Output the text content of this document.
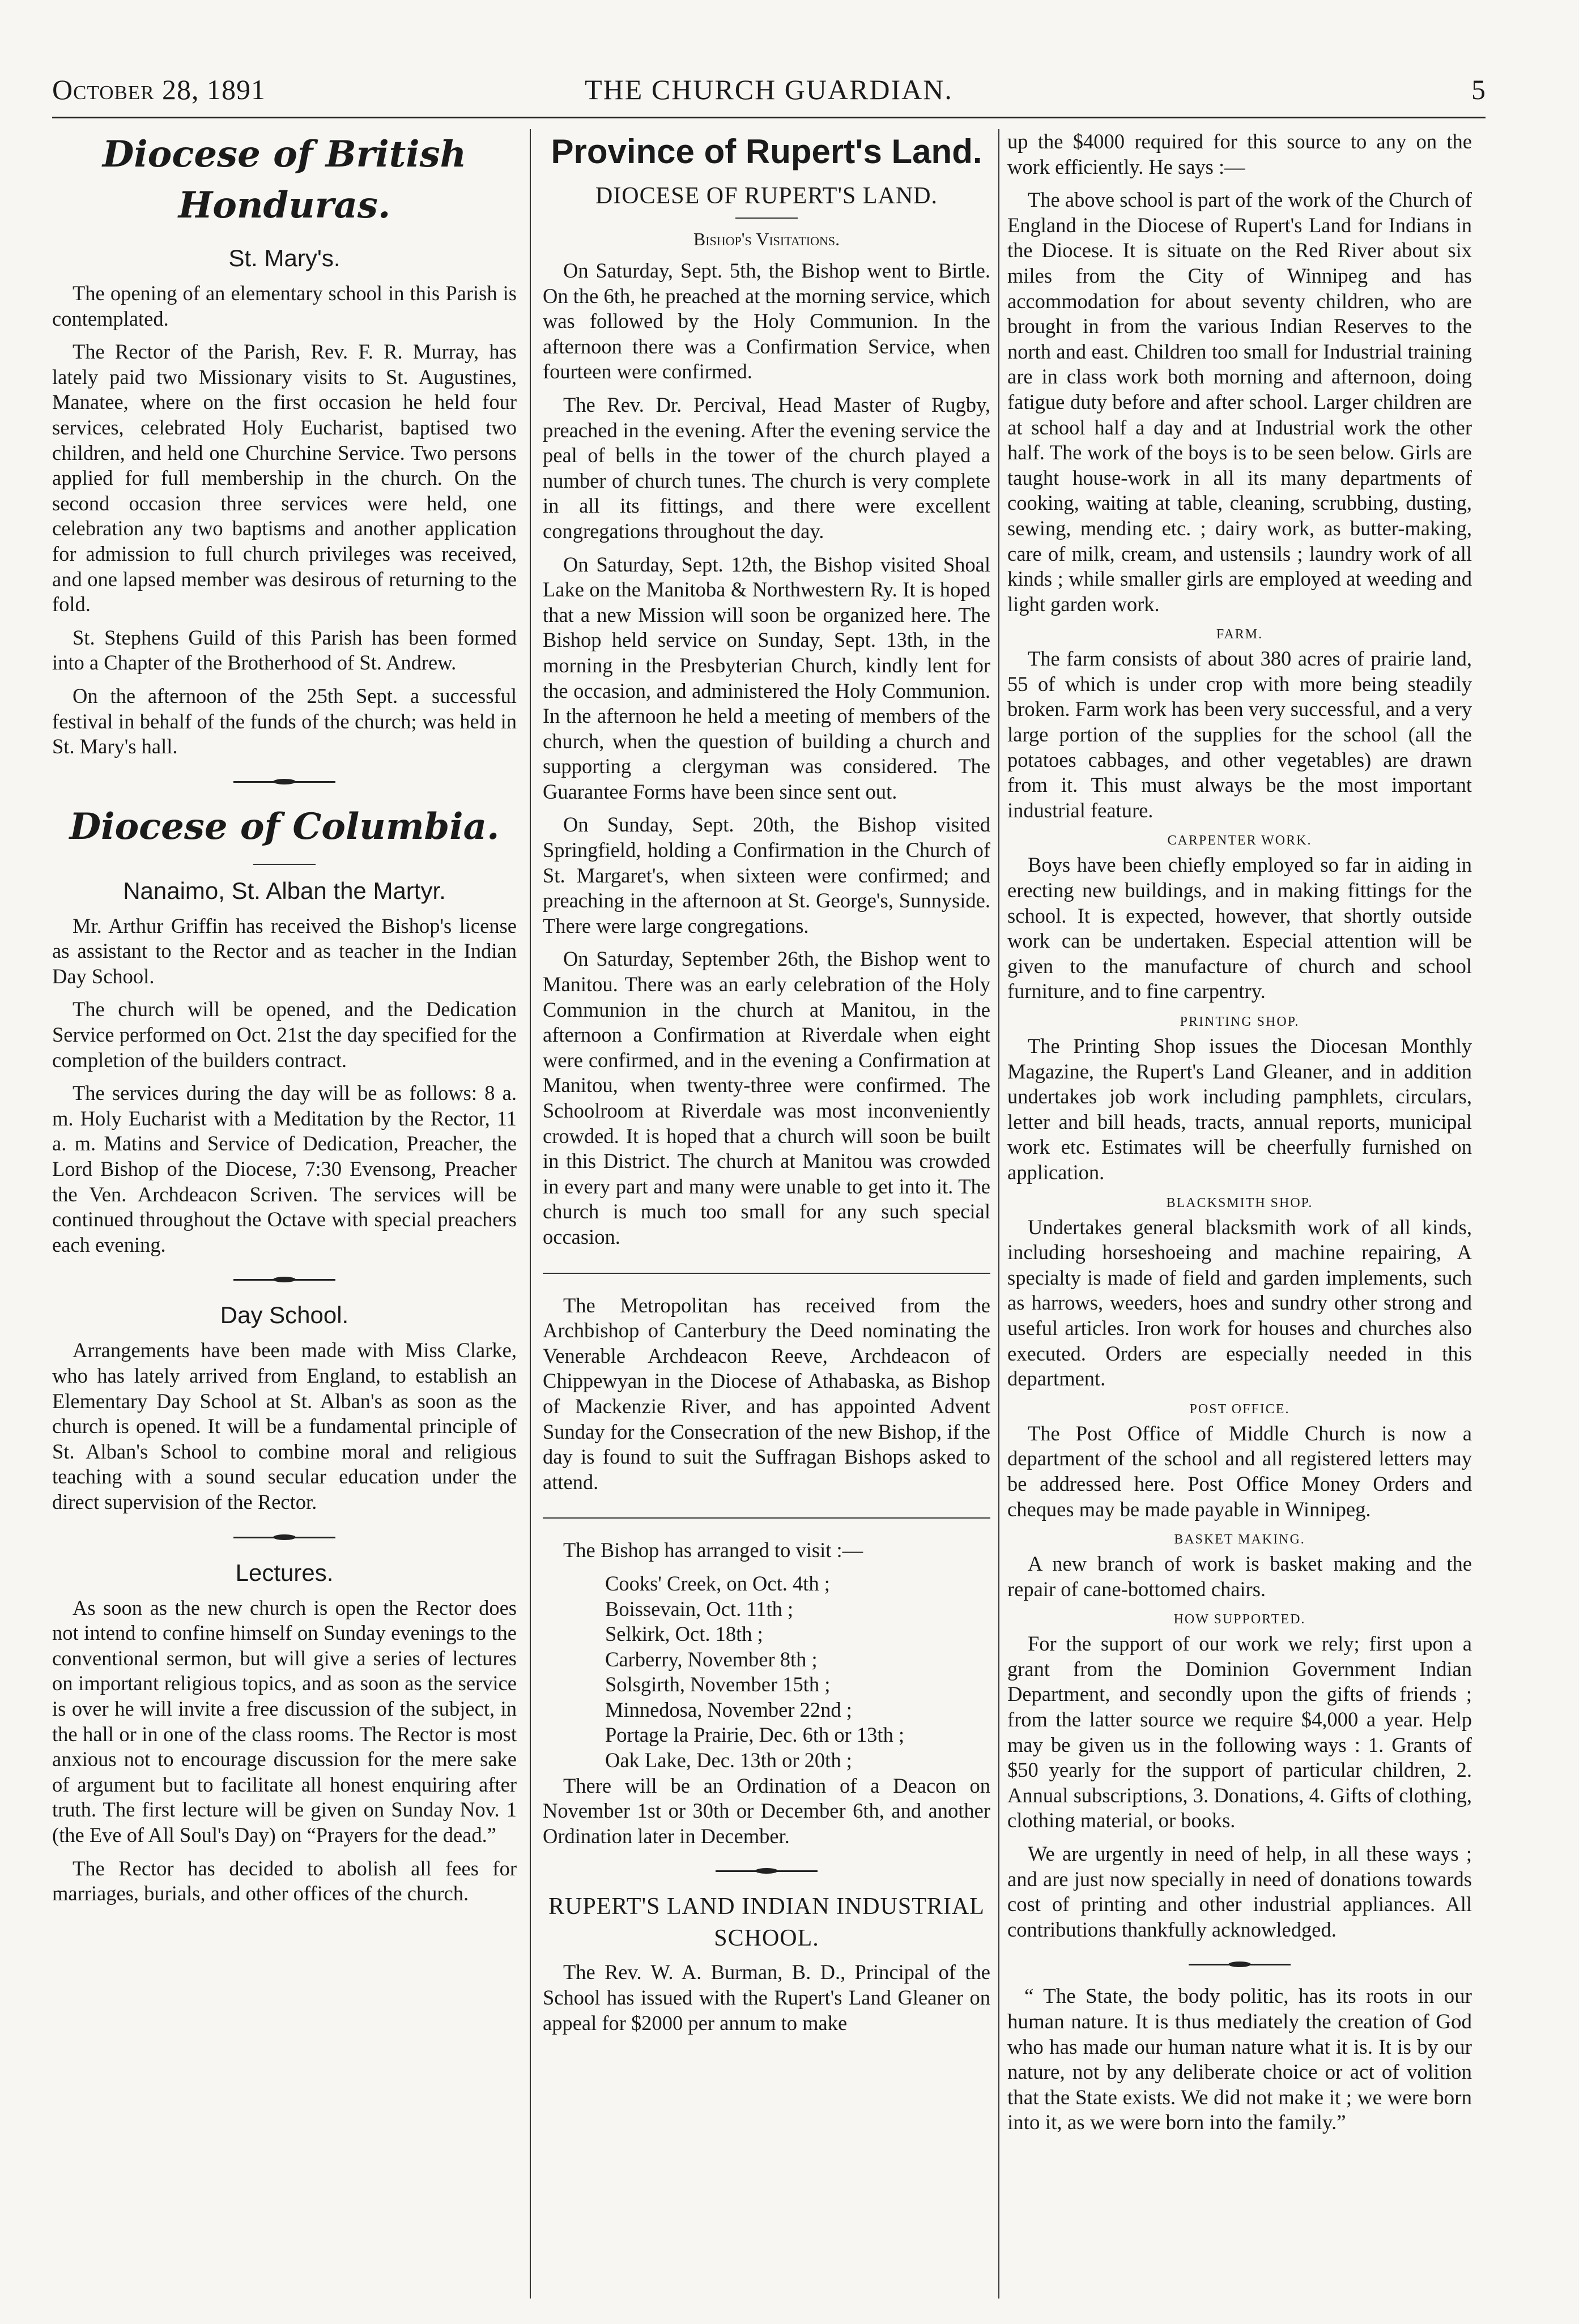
October 28, 1891	THE CHURCH GUARDIAN.	5
Diocese of British Honduras.
St. Mary's.

The opening of an elementary school in this Parish is contemplated.

The Rector of the Parish, Rev. F. R. Murray, has lately paid two Missionary visits to St. Augustines, Manatee, where on the first occasion he held four services, celebrated Holy Eucharist, baptised two children, and held one Churchine Service. Two persons applied for full membership in the church. On the second occasion three services were held, one celebration any two baptisms and another application for admission to full church privileges was received, and one lapsed member was desirous of returning to the fold.

St. Stephens Guild of this Parish has been formed into a Chapter of the Brotherhood of St. Andrew.

On the afternoon of the 25th Sept. a successful festival in behalf of the funds of the church; was held in St. Mary's hall.

Diocese of Columbia.
Nanaimo, St. Alban the Martyr.

Mr. Arthur Griffin has received the Bishop's license as assistant to the Rector and as teacher in the Indian Day School.

The church will be opened, and the Dedication Service performed on Oct. 21st the day specified for the completion of the builders contract.

The services during the day will be as follows: 8 a. m. Holy Eucharist with a Meditation by the Rector, 11 a. m. Matins and Service of Dedication, Preacher, the Lord Bishop of the Diocese, 7:30 Evensong, Preacher the Ven. Archdeacon Scriven. The services will be continued throughout the Octave with special preachers each evening.

Day School.

Arrangements have been made with Miss Clarke, who has lately arrived from England, to establish an Elementary Day School at St. Alban's as soon as the church is opened. It will be a fundamental principle of St. Alban's School to combine moral and religious teaching with a sound secular education under the direct supervision of the Rector.

Lectures.

As soon as the new church is open the Rector does not intend to confine himself on Sunday evenings to the conventional sermon, but will give a series of lectures on important religious topics, and as soon as the service is over he will invite a free discussion of the subject, in the hall or in one of the class rooms. The Rector is most anxious not to encourage discussion for the mere sake of argument but to facilitate all honest enquiring after truth. The first lecture will be given on Sunday Nov. 1 (the Eve of All Soul's Day) on “Prayers for the dead.”

The Rector has decided to abolish all fees for marriages, burials, and other offices of the church.

Province of Rupert's Land.
DIOCESE OF RUPERT'S LAND.
Bishop's Visitations.

On Saturday, Sept. 5th, the Bishop went to Birtle. On the 6th, he preached at the morning service, which was followed by the Holy Communion. In the afternoon there was a Confirmation Service, when fourteen were confirmed.

The Rev. Dr. Percival, Head Master of Rugby, preached in the evening. After the evening service the peal of bells in the tower of the church played a number of church tunes. The church is very complete in all its fittings, and there were excellent congregations throughout the day.

On Saturday, Sept. 12th, the Bishop visited Shoal Lake on the Manitoba & Northwestern Ry. It is hoped that a new Mission will soon be organized here. The Bishop held service on Sunday, Sept. 13th, in the morning in the Presbyterian Church, kindly lent for the occasion, and administered the Holy Communion. In the afternoon he held a meeting of members of the church, when the question of building a church and supporting a clergyman was considered. The Guarantee Forms have been since sent out.

On Sunday, Sept. 20th, the Bishop visited Springfield, holding a Confirmation in the Church of St. Margaret's, when sixteen were confirmed; and preaching in the afternoon at St. George's, Sunnyside. There were large congregations.

On Saturday, September 26th, the Bishop went to Manitou. There was an early celebration of the Holy Communion in the church at Manitou, in the afternoon a Confirmation at Riverdale when eight were confirmed, and in the evening a Confirmation at Manitou, when twenty-three were confirmed. The Schoolroom at Riverdale was most inconveniently crowded. It is hoped that a church will soon be built in this District. The church at Manitou was crowded in every part and many were unable to get into it. The church is much too small for any such special occasion.

The Metropolitan has received from the Archbishop of Canterbury the Deed nominating the Venerable Archdeacon Reeve, Archdeacon of Chippewyan in the Diocese of Athabaska, as Bishop of Mackenzie River, and has appointed Advent Sunday for the Consecration of the new Bishop, if the day is found to suit the Suffragan Bishops asked to attend.

The Bishop has arranged to visit :—

Cooks' Creek, on Oct. 4th ;
Boissevain, Oct. 11th ;
Selkirk, Oct. 18th ;
Carberry, November 8th ;
Solsgirth, November 15th ;
Minnedosa, November 22nd ;
Portage la Prairie, Dec. 6th or 13th ;
Oak Lake, Dec. 13th or 20th ;

There will be an Ordination of a Deacon on November 1st or 30th or December 6th, and another Ordination later in December.

RUPERT'S LAND INDIAN INDUSTRIAL SCHOOL.

The Rev. W. A. Burman, B. D., Principal of the School has issued with the Rupert's Land Gleaner on appeal for $2000 per annum to make

up the $4000 required for this source to any on the work efficiently. He says :—

The above school is part of the work of the Church of England in the Diocese of Rupert's Land for Indians in the Diocese. It is situate on the Red River about six miles from the City of Winnipeg and has accommodation for about seventy children, who are brought in from the various Indian Reserves to the north and east. Children too small for Industrial training are in class work both morning and afternoon, doing fatigue duty before and after school. Larger children are at school half a day and at Industrial work the other half. The work of the boys is to be seen below. Girls are taught house-work in all its many departments of cooking, waiting at table, cleaning, scrubbing, dusting, sewing, mending etc. ; dairy work, as butter-making, care of milk, cream, and ustensils ; laundry work of all kinds ; while smaller girls are employed at weeding and light garden work.

FARM.

The farm consists of about 380 acres of prairie land, 55 of which is under crop with more being steadily broken. Farm work has been very successful, and a very large portion of the supplies for the school (all the potatoes cabbages, and other vegetables) are drawn from it. This must always be the most important industrial feature.

CARPENTER WORK.

Boys have been chiefly employed so far in aiding in erecting new buildings, and in making fittings for the school. It is expected, however, that shortly outside work can be undertaken. Especial attention will be given to the manufacture of church and school furniture, and to fine carpentry.

PRINTING SHOP.

The Printing Shop issues the Diocesan Monthly Magazine, the Rupert's Land Gleaner, and in addition undertakes job work including pamphlets, circulars, letter and bill heads, tracts, annual reports, municipal work etc. Estimates will be cheerfully furnished on application.

BLACKSMITH SHOP.

Undertakes general blacksmith work of all kinds, including horseshoeing and machine repairing, A specialty is made of field and garden implements, such as harrows, weeders, hoes and sundry other strong and useful articles. Iron work for houses and churches also executed. Orders are especially needed in this department.

POST OFFICE.

The Post Office of Middle Church is now a department of the school and all registered letters may be addressed here. Post Office Money Orders and cheques may be made payable in Winnipeg.

BASKET MAKING.

A new branch of work is basket making and the repair of cane-bottomed chairs.

HOW SUPPORTED.

For the support of our work we rely; first upon a grant from the Dominion Government Indian Department, and secondly upon the gifts of friends ; from the latter source we require $4,000 a year. Help may be given us in the following ways : 1. Grants of $50 yearly for the support of particular children, 2. Annual subscriptions, 3. Donations, 4. Gifts of clothing, clothing material, or books.

We are urgently in need of help, in all these ways ; and are just now specially in need of donations towards cost of printing and other industrial appliances. All contributions thankfully acknowledged.

“ The State, the body politic, has its roots in our human nature. It is thus mediately the creation of God who has made our human nature what it is. It is by our nature, not by any deliberate choice or act of volition that the State exists. We did not make it ; we were born into it, as we were born into the family.”
